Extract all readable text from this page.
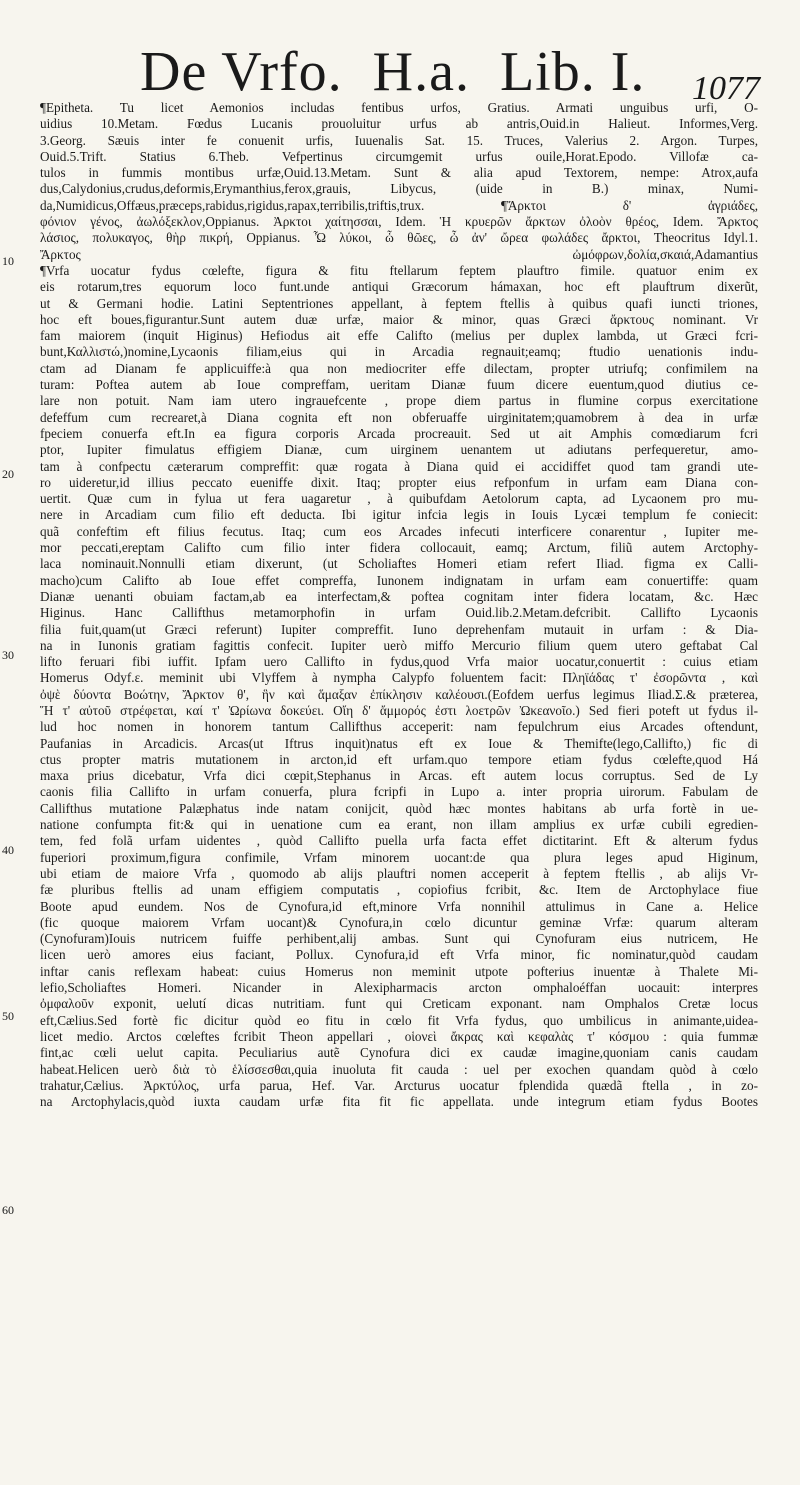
De Vrfo. H.a. Lib. I. 1077
10
20
30
40
50
60
¶Epitheta. Tu licet Aemonios includas fentibus urfos, Gratius. Armati unguibus urfi, O-
uidius 10.Metam. Fœdus Lucanis prouoluitur urfus ab antris,Ouid.in Halieut. Informes,Verg.
3.Georg. Sæuis inter fe conuenit urfis, Iuuenalis Sat. 15. Truces, Valerius 2. Argon. Turpes,
Ouid.5.Trift. Statius 6.Theb. Vefpertinus circumgemit urfus ouile,Horat.Epodo. Villofæ ca-
tulos in fummis montibus urfæ,Ouid.13.Metam. Sunt & alia apud Textorem, nempe: Atrox,aufa
dus,Calydonius,crudus,deformis,Erymanthius,ferox,grauis, Libycus, (uide in B.) minax, Numi-
da,Numidicus,Offæus,præceps,rabidus,rigidus,rapax,terribilis,triftis,trux. ¶Ἄρκτοι δ' ἀγριάδες,
φόνιον γένος, ἀωλόξεκλον,Oppianus. Ἀρκτοι χαίτησσαι, Idem. Ἡ κρυερῶν ἄρκτων ὀλοὸν θρέος, Idem. Ἄρκτος
λάσιος, πολυκαγος, θὴρ πικρή, Oppianus. Ὦ λύκοι, ὦ θῶες, ὦ ἀν' ὤρεα φωλάδες ἄρκτοι, Theocritus Idyl.1.
Ἄρκτος ὠμόφρων,δολία,σκαιά,Adamantius
¶Vrfa uocatur fydus cœlefte, figura & fitu ftellarum feptem plauftro fimile. quatuor enim ex
eis rotarum,tres equorum loco funt.unde antiqui Græcorum hámaxan, hoc eft plauftrum dixerũt,
ut & Germani hodie. Latini Septentriones appellant, à feptem ftellis à quibus quafi iuncti triones,
hoc eft boues,figurantur.Sunt autem duæ urfæ, maior & minor, quas Græci ἄρκτους nominant. Vr
fam maiorem (inquit Higinus) Hefiodus ait effe Califto (melius per duplex lambda, ut Græci fcri-
bunt,Καλλιστώ,)nomine,Lycaonis filiam,eius qui in Arcadia regnauit;eamq; ftudio uenationis indu-
ctam ad Dianam fe applicuiffe:à qua non mediocriter effe dilectam, propter utriufq; confimilem na
turam: Poftea autem ab Ioue compreffam, ueritam Dianæ fuum dicere euentum,quod diutius ce-
lare non potuit. Nam iam utero ingrauefcente , prope diem partus in flumine corpus exercitatione
defeffum cum recrearet,à Diana cognita eft non obferuaffe uirginitatem;quamobrem à dea in urfæ
fpeciem conuerfa eft.In ea figura corporis Arcada procreauit. Sed ut ait Amphis comœdiarum fcri
ptor, Iupiter fimulatus effigiem Dianæ, cum uirginem uenantem ut adiutans perfequeretur, amo-
tam à confpectu cæterarum compreffit: quæ rogata à Diana quid ei accidiffet quod tam grandi ute-
ro uideretur,id illius peccato eueniffe dixit. Itaq; propter eius refponfum in urfam eam Diana con-
uertit. Quæ cum in fylua ut fera uagaretur , à quibufdam Aetolorum capta, ad Lycaonem pro mu-
nere in Arcadiam cum filio eft deducta. Ibi igitur infcia legis in Iouis Lycæi templum fe coniecit:
quã confeftim eft filius fecutus. Itaq; cum eos Arcades infecuti interficere conarentur , Iupiter me-
mor peccati,ereptam Califto cum filio inter fidera collocauit, eamq; Arctum, filiũ autem Arctophy-
laca nominauit.Nonnulli etiam dixerunt, (ut Scholiaftes Homeri etiam refert Iliad. figma ex Calli-
macho)cum Califto ab Ioue effet compreffa, Iunonem indignatam in urfam eam conuertiffe: quam
Dianæ uenanti obuiam factam,ab ea interfectam,& poftea cognitam inter fidera locatam, &c. Hæc
Higinus. Hanc Callifthus metamorphofin in urfam Ouid.lib.2.Metam.defcribit. Callifto Lycaonis
filia fuit,quam(ut Græci referunt) Iupiter compreffit. Iuno deprehenfam mutauit in urfam : & Dia-
na in Iunonis gratiam fagittis confecit. Iupiter uerò miffo Mercurio filium quem utero geftabat Cal
lifto feruari fibi iuffit. Ipfam uero Callifto in fydus,quod Vrfa maior uocatur,conuertit : cuius etiam
Homerus Odyf.ε. meminit ubi Vlyffem à nympha Calypfo foluentem facit: Πληϊάδας τ' ἐσορῶντα , καὶ
ὀψὲ δύοντα Βοώτην, Ἄρκτον θ', ἣν καὶ ἅμαξαν ἐπίκλησιν καλέουσι.(Eofdem uerfus legimus Iliad.Σ.& præterea,
Ἥ τ' αὐτοῦ στρέφεται, καί τ' Ὠρίωνα δοκεύει. Οἴη δ' ἄμμορός ἐστι λοετρῶν Ὠκεανοῖο.) Sed fieri poteft ut fydus il-
lud hoc nomen in honorem tantum Callifthus acceperit: nam fepulchrum eius Arcades oftendunt,
Paufanias in Arcadicis. Arcas(ut Iftrus inquit)natus eft ex Ioue & Themifte(lego,Callifto,) fic di
ctus propter matris mutationem in arcton,id eft urfam.quo tempore etiam fydus cœlefte,quod Há
maxa prius dicebatur, Vrfa dici cœpit,Stephanus in Arcas. eft autem locus corruptus. Sed de Ly
caonis filia Callifto in urfam conuerfa, plura fcripfi in Lupo a. inter propria uirorum. Fabulam de
Callifthus mutatione Palæphatus inde natam conijcit, quòd hæc montes habitans ab urfa fortè in ue-
natione confumpta fit:& qui in uenatione cum ea erant, non illam amplius ex urfæ cubili egredien-
tem, fed folã urfam uidentes , quòd Callifto puella urfa facta effet dictitarint. Eft & alterum fydus
fuperiori proximum,figura confimile, Vrfam minorem uocant:de qua plura leges apud Higinum,
ubi etiam de maiore Vrfa , quomodo ab alijs plauftri nomen acceperit à feptem ftellis , ab alijs Vr-
fæ pluribus ftellis ad unam effigiem computatis , copiofius fcribit, &c. Item de Arctophylace fiue
Boote apud eundem. Nos de Cynofura,id eft,minore Vrfa nonnihil attulimus in Cane a. Helice
(fic quoque maiorem Vrfam uocant)& Cynofura,in cœlo dicuntur geminæ Vrfæ: quarum alteram
(Cynofuram)Iouis nutricem fuiffe perhibent,alij ambas. Sunt qui Cynofuram eius nutricem, He
licen uerò amores eius faciant, Pollux. Cynofura,id eft Vrfa minor, fic nominatur,quòd caudam
inftar canis reflexam habeat: cuius Homerus non meminit utpote pofterius inuentæ à Thalete Mi-
lefio,Scholiaftes Homeri. Nicander in Alexipharmacis arcton omphaloéffan uocauit: interpres
ὀμφαλοῦν exponit, uelutí dicas nutritiam. funt qui Creticam exponant. nam Omphalos Cretæ locus
eft,Cælius.Sed fortè fic dicitur quòd eo fitu in cœlo fit Vrfa fydus, quo umbilicus in animante,uidea-
licet medio. Arctos cœleftes fcribit Theon appellari , οἱονεὶ ἄκρας καὶ κεφαλὰς τ' κόσμου : quia fummæ
fint,ac cœli uelut capita. Peculiarius autẽ Cynofura dici ex caudæ imagine,quoniam canis caudam
habeat.Helicen uerò διὰ τὸ ἑλίσσεσθαι,quia inuoluta fit cauda : uel per exochen quandam quòd à cœlo
trahatur,Cælius. Ἀρκτύλος, urfa parua, Hef. Var. Arcturus uocatur fplendida quædã ftella , in zo-
na Arctophylacis,quòd iuxta caudam urfæ fita fit fic appellata. unde integrum etiam fydus Bootes
